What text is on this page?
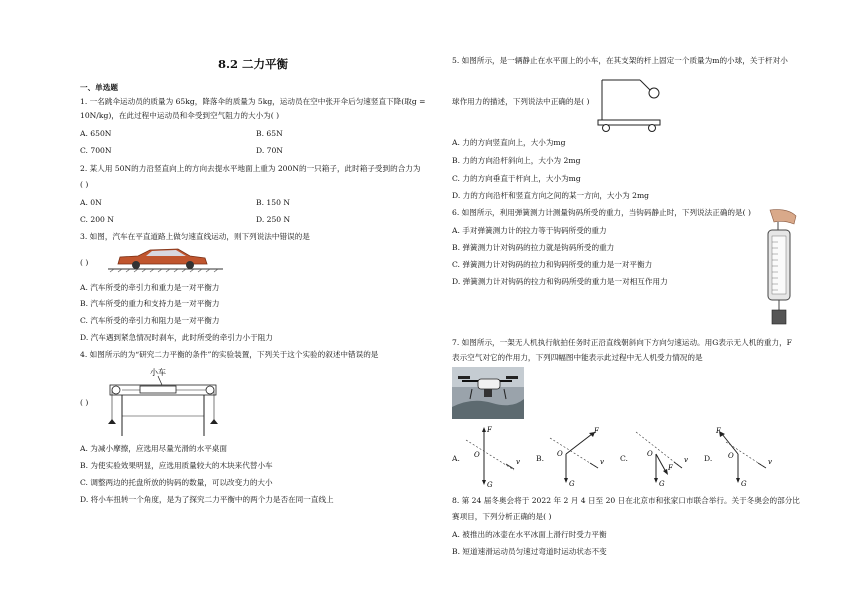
8.2 二力平衡
一、单选题
1. 一名跳伞运动员的质量为 65kg，降落伞的质量为 5kg，运动员在空中张开伞后匀速竖直下降(取g =
10N/kg)，在此过程中运动员和伞受到空气阻力的大小为( )
A. 650N	B. 65N
C. 700N	D. 70N
2. 某人用 50N的力沿竖直向上的方向去提水平地面上重为 200N的一只箱子，此时箱子受到的合力为
( )
A. 0N	B. 150 N
C. 200 N	D. 250 N
3. 如图，汽车在平直道路上做匀速直线运动，则下列说法中错误的是
( )
A. 汽车所受的牵引力和重力是一对平衡力
B. 汽车所受的重力和支持力是一对平衡力
C. 汽车所受的牵引力和阻力是一对平衡力
D. 汽车遇到紧急情况时刹车，此时所受的牵引力小于阻力
4. 如图所示的为“研究二力平衡的条件”的实验装置，下列关于这个实验的叙述中错误的是
( )
小车
A. 为减小摩擦，应选用尽量光滑的水平桌面
B. 为使实验效果明显，应选用质量较大的木块来代替小车
C. 调整两边的托盘所放的钩码的数量，可以改变力的大小
D. 将小车扭转一个角度，是为了探究二力平衡中的两个力是否在同一直线上
5. 如图所示，是一辆静止在水平面上的小车，在其支架的杆上固定一个质量为m的小球，关于杆对小
球作用力的描述，下列说法中正确的是( )
A. 力的方向竖直向上，大小为mg
B. 力的方向沿杆斜向上，大小为 2mg
C. 力的方向垂直于杆向上，大小为mg
D. 力的方向沿杆和竖直方向之间的某一方向，大小为 2mg
6. 如图所示，利用弹簧测力计测量钩码所受的重力，当钩码静止时，下列说法正确的是( )
A. 手对弹簧测力计的拉力等于钩码所受的重力
B. 弹簧测力计对钩码的拉力就是钩码所受的重力
C. 弹簧测力计对钩码的拉力和钩码所受的重力是一对平衡力
D. 弹簧测力计对钩码的拉力和钩码所受的重力是一对相互作用力
7. 如图所示，一架无人机执行航拍任务时正沿直线朝斜向下方向匀速运动。用G表示无人机的重力，F
表示空气对它的作用力，下列四幅图中能表示此过程中无人机受力情况的是
A.
F
O
G
v B.
F
O
G
v C.
F
O
G
v D.
F
O
G
v
8. 第 24 届冬奥会将于 2022 年 2 月 4 日至 20 日在北京市和张家口市联合举行。关于冬奥会的部分比
赛项目，下列分析正确的是( )
A. 被推出的冰壶在水平冰面上滑行时受力平衡
B. 短道速滑运动员匀速过弯道时运动状态不变
